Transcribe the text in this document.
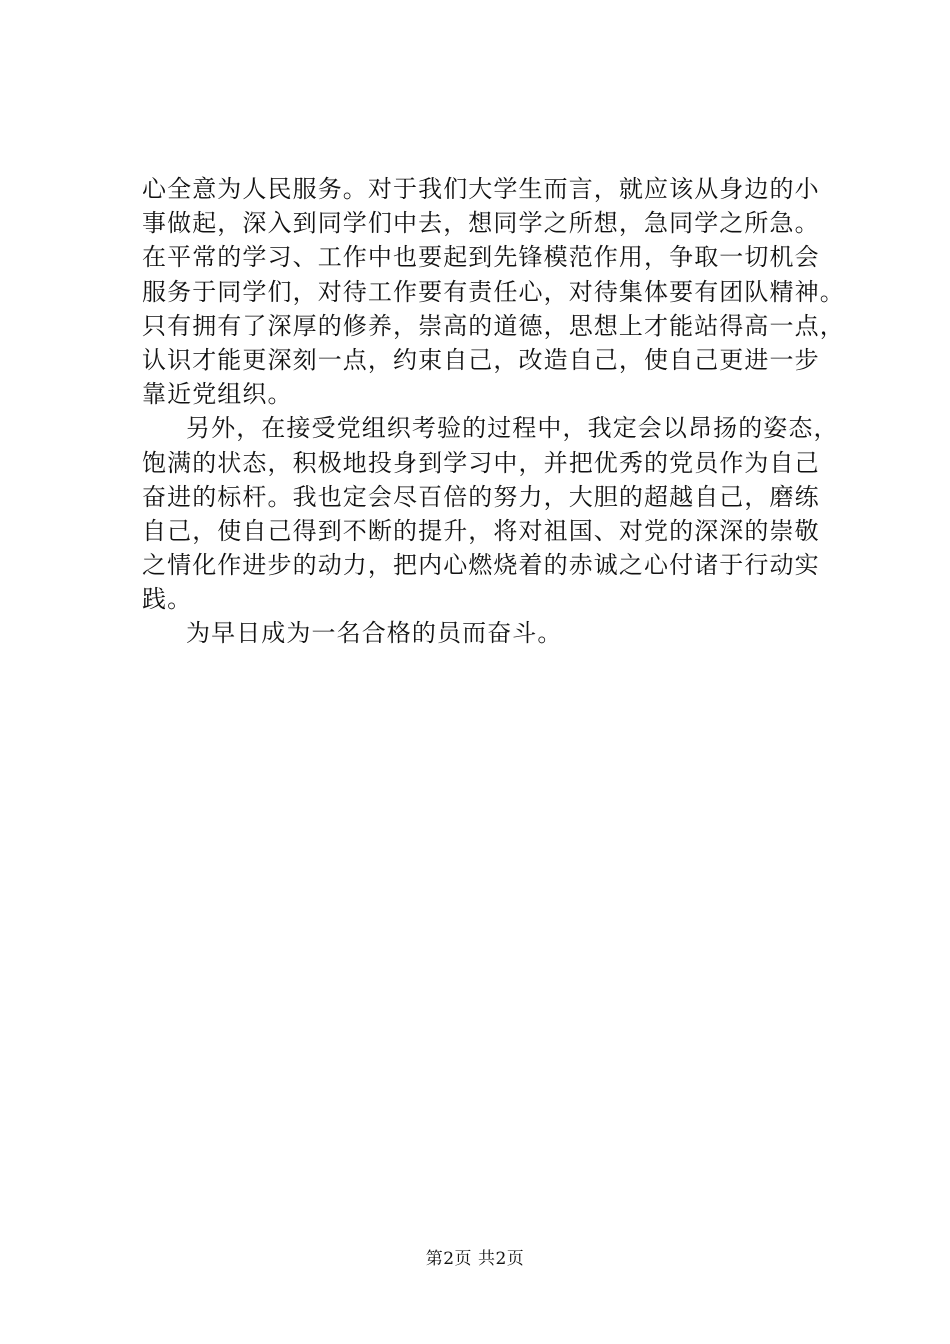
心全意为人民服务。对于我们大学生而言，就应该从身边的小
事做起，深入到同学们中去，想同学之所想，急同学之所急。
在平常的学习、工作中也要起到先锋模范作用，争取一切机会
服务于同学们，对待工作要有责任心，对待集体要有团队精神。
只有拥有了深厚的修养，崇高的道德，思想上才能站得高一点，
认识才能更深刻一点，约束自己，改造自己，使自己更进一步
靠近党组织。
另外，在接受党组织考验的过程中，我定会以昂扬的姿态，
饱满的状态，积极地投身到学习中，并把优秀的党员作为自己
奋进的标杆。我也定会尽百倍的努力，大胆的超越自己，磨练
自己，使自己得到不断的提升，将对祖国、对党的深深的崇敬
之情化作进步的动力，把内心燃烧着的赤诚之心付诸于行动实
践。
为早日成为一名合格的员而奋斗。
第2页 共2页
